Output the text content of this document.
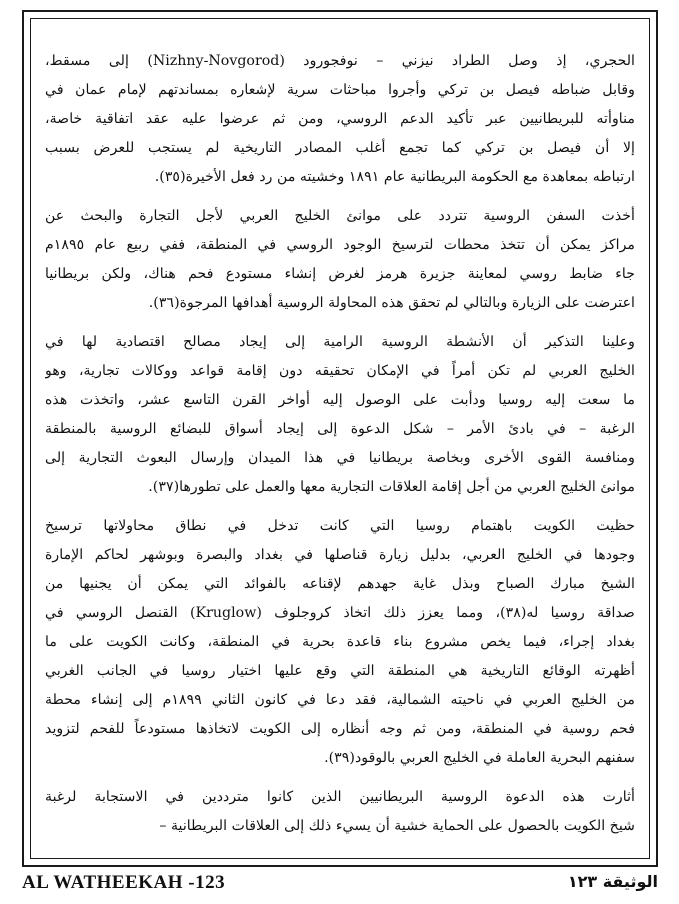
الحجري، إذ وصل الطراد نيزني – نوفجورود (Nizhny-Novgorod) إلى مسقط،
وقابل ضباطه فيصل بن تركي وأجروا مباحثات سرية لإشعاره بمساندتهم لإمام عمان في
مناوأته للبريطانيين عبر تأكيد الدعم الروسي، ومن ثم عرضوا عليه عقد اتفاقية خاصة،
إلا أن فيصل بن تركي كما تجمع أغلب المصادر التاريخية لم يستجب للعرض بسبب
ارتباطه بمعاهدة مع الحكومة البريطانية عام ١٨٩١ وخشيته من رد فعل الأخيرة(٣٥).
أخذت السفن الروسية تتردد على موانئ الخليج العربي لأجل التجارة والبحث عن
مراكز يمكن أن تتخذ محطات لترسيخ الوجود الروسي في المنطقة، ففي ربيع عام ١٨٩٥م
جاء ضابط روسي لمعاينة جزيرة هرمز لغرض إنشاء مستودع فحم هناك، ولكن بريطانيا
اعترضت على الزيارة وبالتالي لم تحقق هذه المحاولة الروسية أهدافها المرجوة(٣٦).
وعلينا التذكير أن الأنشطة الروسية الرامية إلى إيجاد مصالح اقتصادية لها في
الخليج العربي لم تكن أمراً في الإمكان تحقيقه دون إقامة قواعد ووكالات تجارية، وهو
ما سعت إليه روسيا ودأبت على الوصول إليه أواخر القرن التاسع عشر، واتخذت هذه
الرغبة – في بادئ الأمر – شكل الدعوة إلى إيجاد أسواق للبضائع الروسية بالمنطقة
ومنافسة القوى الأخرى وبخاصة بريطانيا في هذا الميدان وإرسال البعوث التجارية إلى
موانئ الخليج العربي من أجل إقامة العلاقات التجارية معها والعمل على تطورها(٣٧).
حظيت الكويت باهتمام روسيا التي كانت تدخل في نطاق محاولاتها ترسيخ
وجودها في الخليج العربي، بدليل زيارة قناصلها في بغداد والبصرة وبوشهر لحاكم الإمارة
الشيخ مبارك الصباح وبذل غاية جهدهم لإقناعه بالفوائد التي يمكن أن يجنيها من
صداقة روسيا له(٣٨)، ومما يعزز ذلك اتخاذ كروجلوف (Kruglow) القنصل الروسي في
بغداد إجراء، فيما يخص مشروع بناء قاعدة بحرية في المنطقة، وكانت الكويت على ما
أظهرته الوقائع التاريخية هي المنطقة التي وقع عليها اختيار روسيا في الجانب الغربي
من الخليج العربي في ناحيته الشمالية، فقد دعا في كانون الثاني ١٨٩٩م إلى إنشاء محطة
فحم روسية في المنطقة، ومن ثم وجه أنظاره إلى الكويت لاتخاذها مستودعاً للفحم لتزويد
سفنهم البحرية العاملة في الخليج العربي بالوقود(٣٩).
أثارت هذه الدعوة الروسية البريطانيين الذين كانوا مترددين في الاستجابة لرغبة
شيخ الكويت بالحصول على الحماية خشية أن يسيء ذلك إلى العلاقات البريطانية –
AL WATHEEKAH -123	الوثيقة ١٢٣
